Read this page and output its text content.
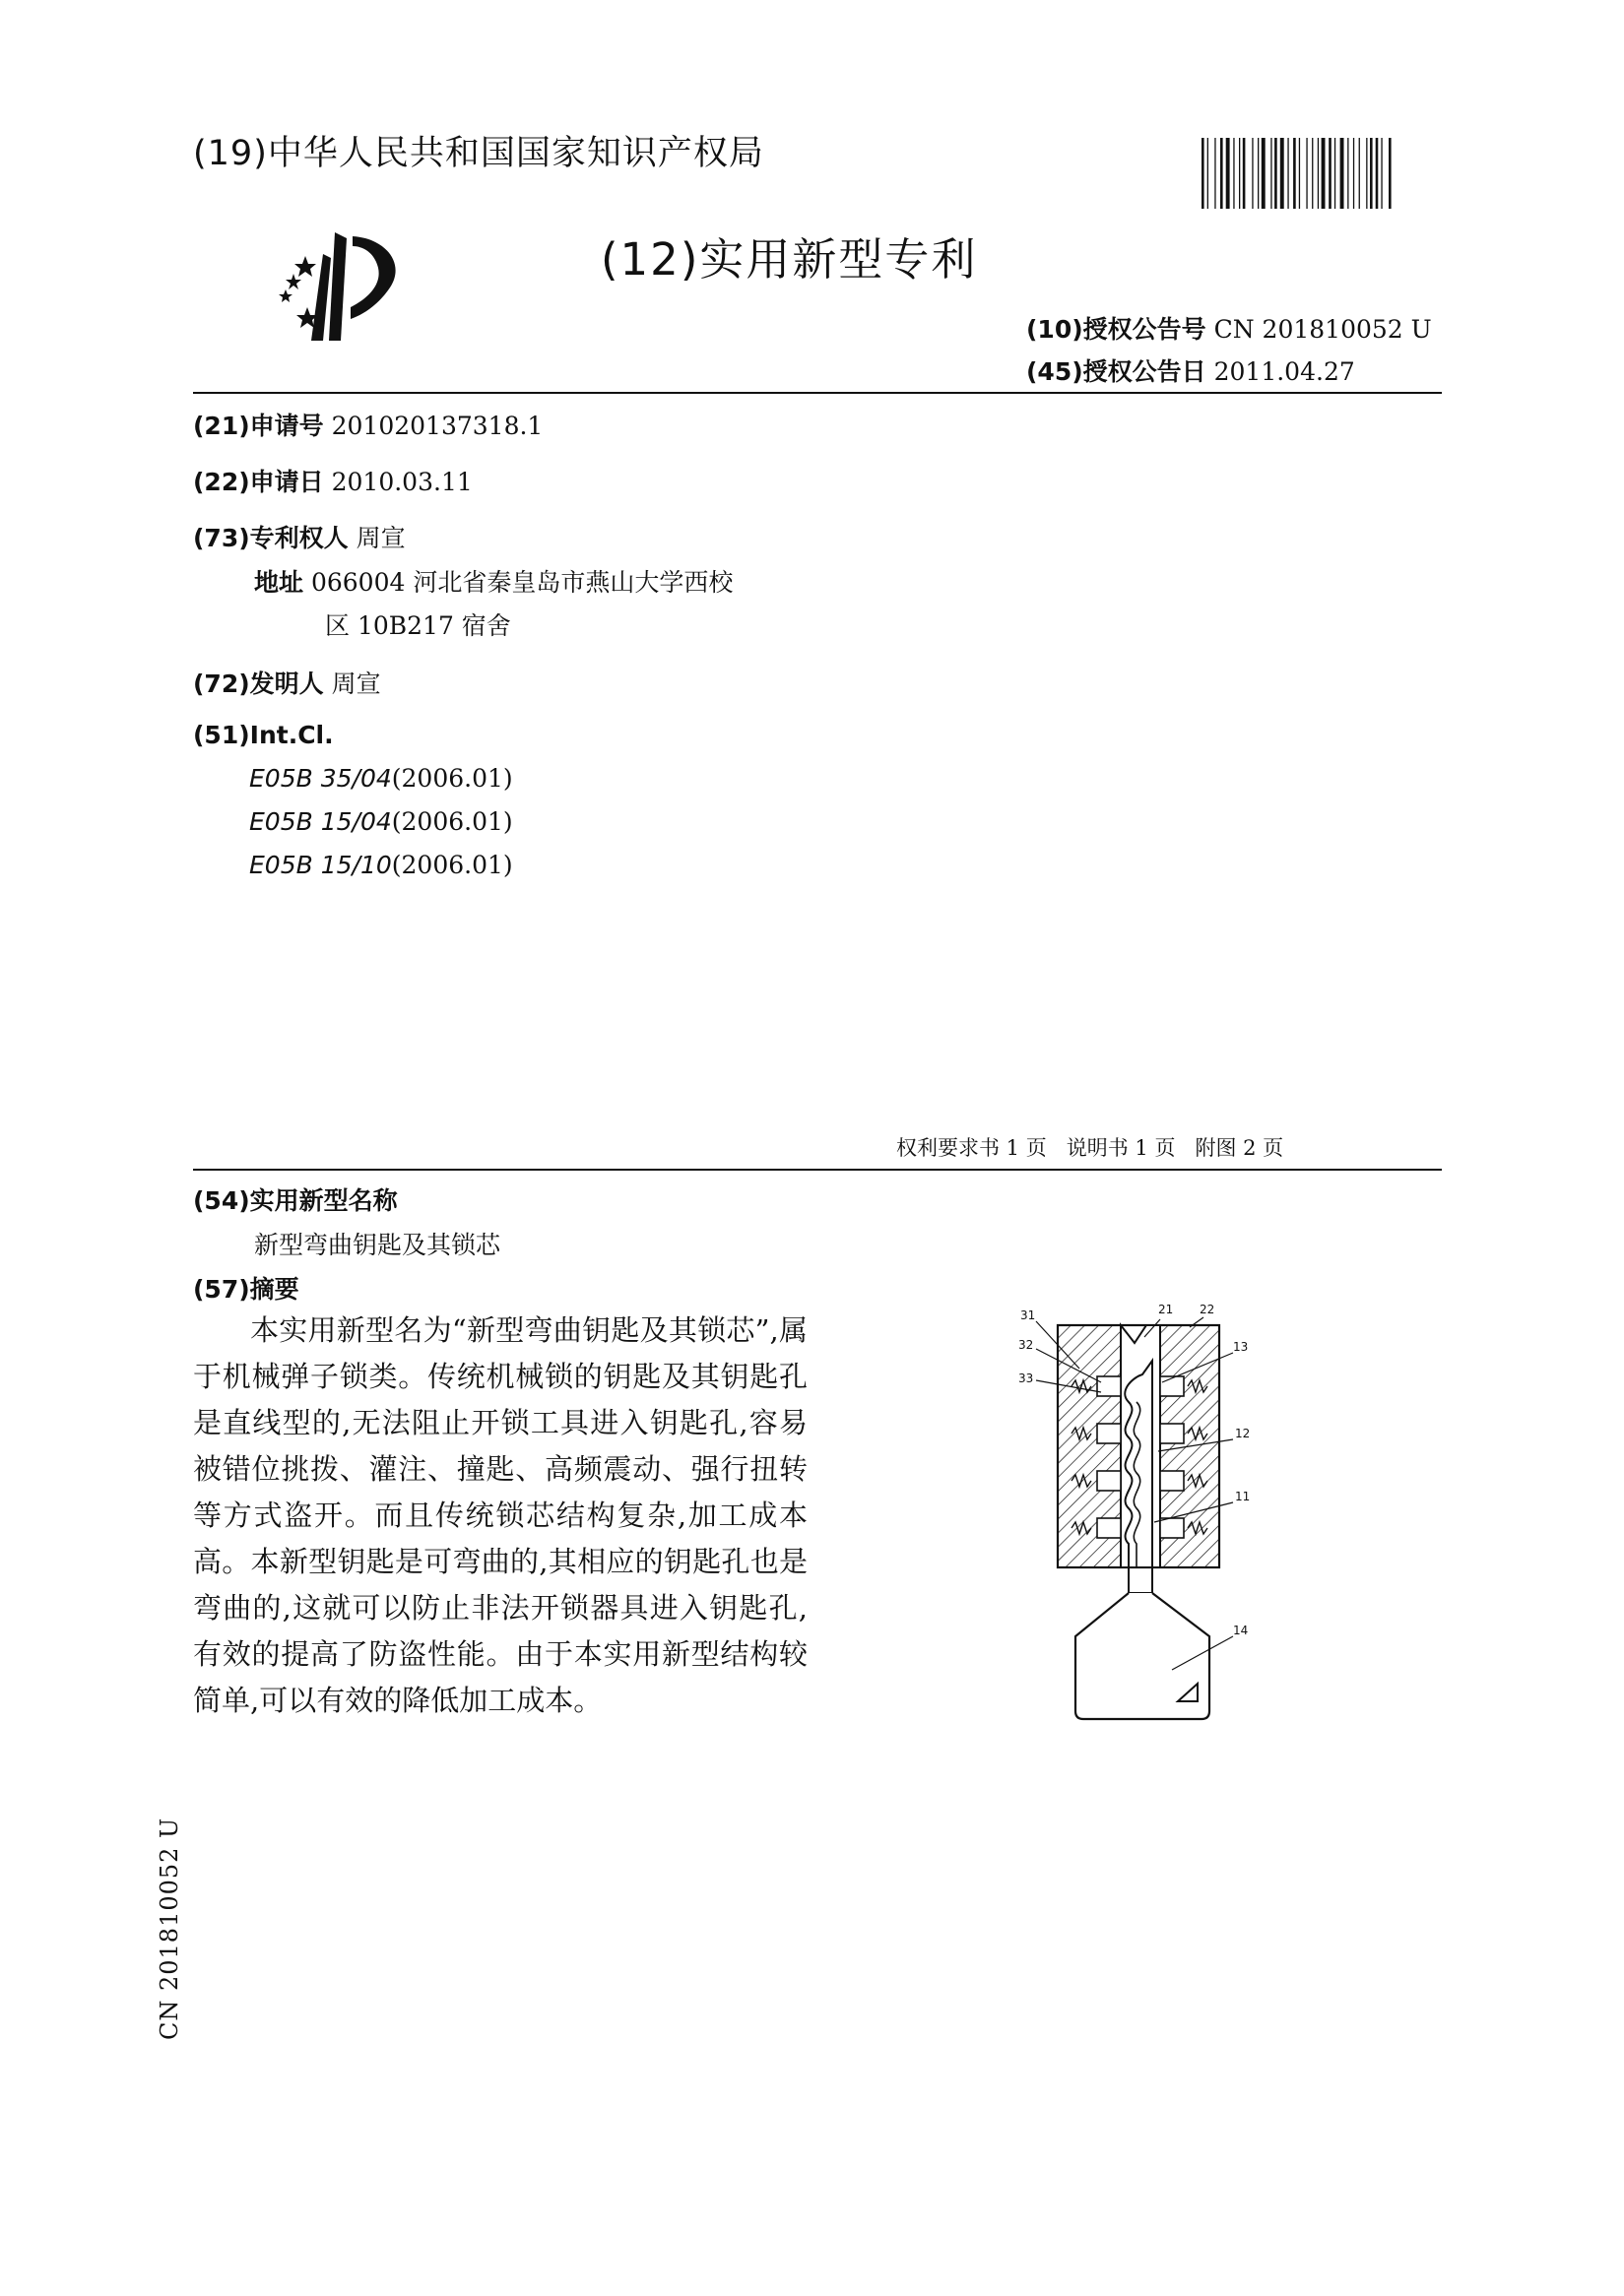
(19)中华人民共和国国家知识产权局
(12)实用新型专利
(10)授权公告号 CN 201810052 U
(45)授权公告日 2011.04.27
(21)申请号 201020137318.1
(22)申请日 2010.03.11
(73)专利权人 周宣
地址 066004 河北省秦皇岛市燕山大学西校
区 10B217 宿舍
(72)发明人 周宣
(51)Int.Cl.
E05B 35/04(2006.01)
E05B 15/04(2006.01)
E05B 15/10(2006.01)
权利要求书 1 页   说明书 1 页   附图 2 页
(54)实用新型名称
新型弯曲钥匙及其锁芯
(57)摘要
本实用新型名为“新型弯曲钥匙及其锁芯”,属于机械弹子锁类。传统机械锁的钥匙及其钥匙孔是直线型的,无法阻止开锁工具进入钥匙孔,容易被错位挑拨、灌注、撞匙、高频震动、强行扭转等方式盗开。而且传统锁芯结构复杂,加工成本高。本新型钥匙是可弯曲的,其相应的钥匙孔也是弯曲的,这就可以防止非法开锁器具进入钥匙孔,有效的提高了防盗性能。由于本实用新型结构较简单,可以有效的降低加工成本。
31	21 22
32	13
33
12
11
14
CN 201810052 U
